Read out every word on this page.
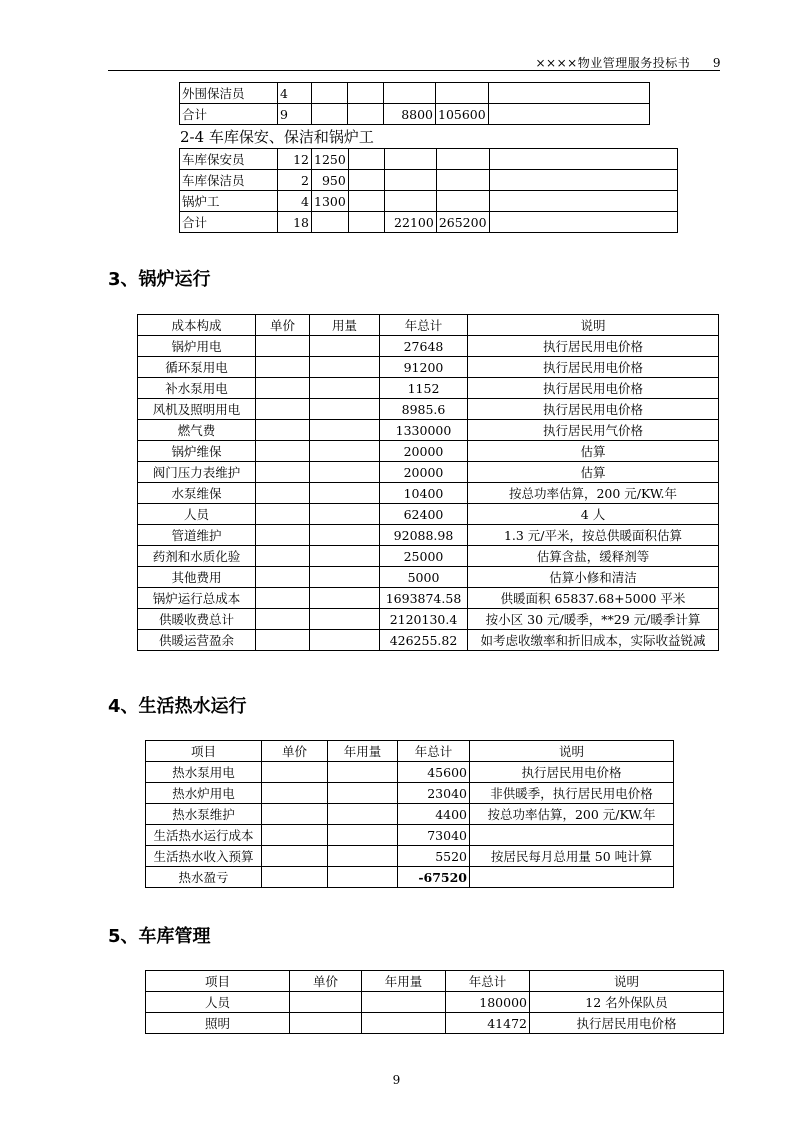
××××物业管理服务投标书 9
外围保洁员	4					
合计	9			8800	105600	
2-4 车库保安、保洁和锅炉工
车库保安员	12	1250				
车库保洁员	2	950				
锅炉工	4	1300				
合计	18			22100	265200	
3、锅炉运行
成本构成	单价	用量	年总计	说明
锅炉用电			27648	执行居民用电价格
循环泵用电			91200	执行居民用电价格
补水泵用电			1152	执行居民用电价格
风机及照明用电			8985.6	执行居民用电价格
燃气费			1330000	执行居民用气价格
锅炉维保			20000	估算
阀门压力表维护			20000	估算
水泵维保			10400	按总功率估算，200 元/KW.年
人员			62400	4 人
管道维护			92088.98	1.3 元/平米，按总供暖面积估算
药剂和水质化验			25000	估算含盐，缓释剂等
其他费用			5000	估算小修和清洁
锅炉运行总成本			1693874.58	供暖面积 65837.68+5000 平米
供暖收费总计			2120130.4	按小区 30 元/暖季，**29 元/暖季计算
供暖运营盈余			426255.82	如考虑收缴率和折旧成本，实际收益锐减
4、生活热水运行
项目	单价	年用量	年总计	说明
热水泵用电			45600	执行居民用电价格
热水炉用电			23040	非供暖季，执行居民用电价格
热水泵维护			4400	按总功率估算，200 元/KW.年
生活热水运行成本			73040	
生活热水收入预算			5520	按居民每月总用量 50 吨计算
热水盈亏			-67520	
5、车库管理
项目	单价	年用量	年总计	说明
人员			180000	12 名外保队员
照明			41472	执行居民用电价格
9
